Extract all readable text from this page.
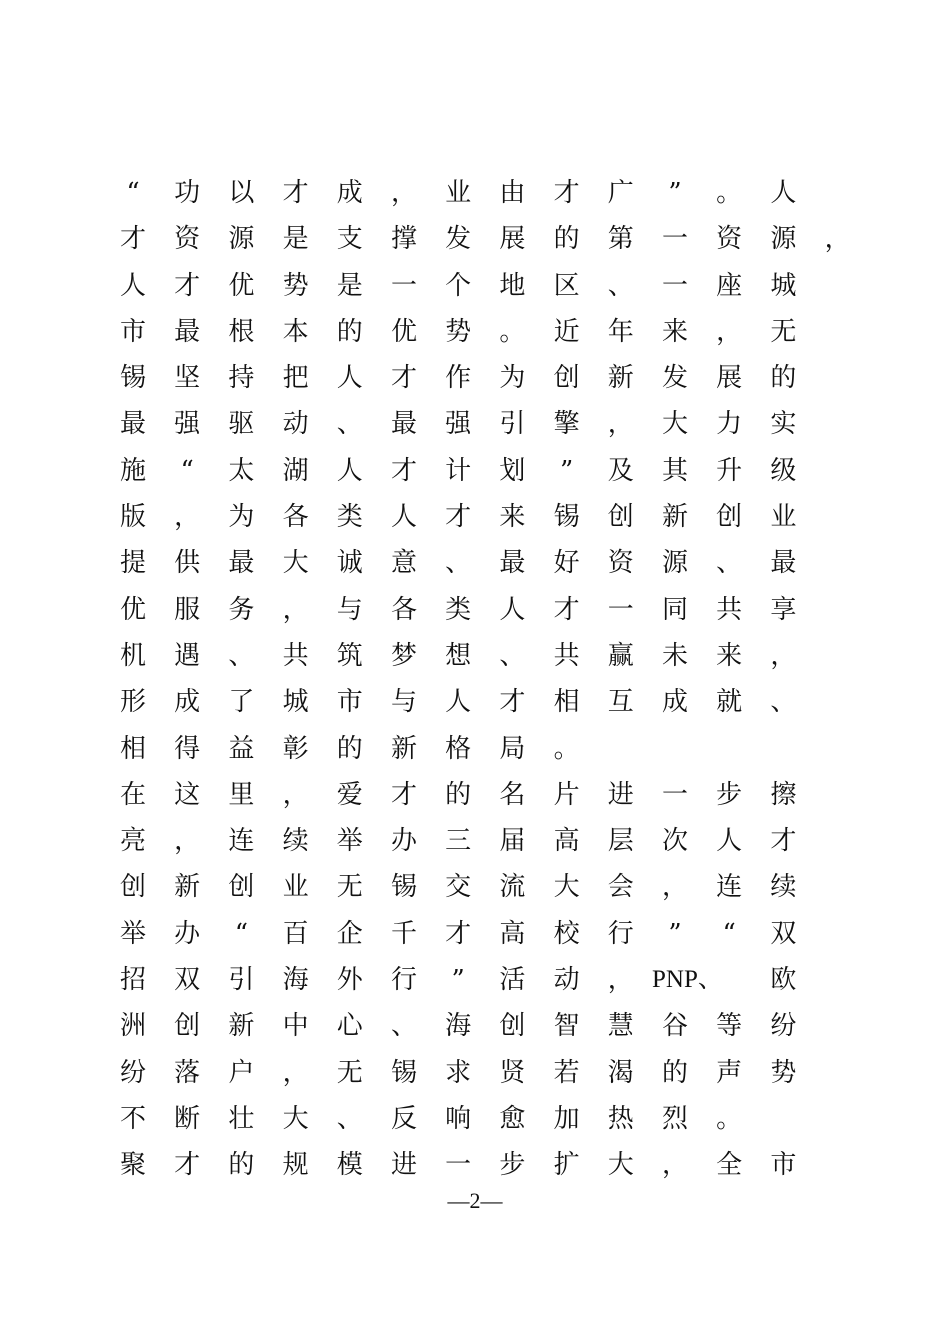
“	功	以	才	成	，	业	由	才	广	”	。	人
才	资	源	是	支	撑	发	展	的	第	一	资	源	，
人	才	优	势	是	一	个	地	区	、	一	座	城
市	最	根	本	的	优	势	。	近	年	来	，	无
锡	坚	持	把	人	才	作	为	创	新	发	展	的
最	强	驱	动	、	最	强	引	擎	，	大	力	实
施	“	太	湖	人	才	计	划	”	及	其	升	级
版	，	为	各	类	人	才	来	锡	创	新	创	业
提	供	最	大	诚	意	、	最	好	资	源	、	最
优	服	务	，	与	各	类	人	才	一	同	共	享
机	遇	、	共	筑	梦	想	、	共	赢	未	来	，
形	成	了	城	市	与	人	才	相	互	成	就	、
相	得	益	彰	的	新	格	局	。
在	这	里	，	爱	才	的	名	片	进	一	步	擦
亮	，	连	续	举	办	三	届	高	层	次	人	才
创	新	创	业	无	锡	交	流	大	会	，	连	续
举	办	“	百	企	千	才	高	校	行	”	“	双
招	双	引	海	外	行	”	活	动	， PNP、	欧
洲	创	新	中	心	、	海	创	智	慧	谷	等	纷
纷	落	户	，	无	锡	求	贤	若	渴	的	声	势
不	断	壮	大	、	反	响	愈	加	热	烈	。
聚	才	的	规	模	进	一	步	扩	大	，	全	市
—2—
